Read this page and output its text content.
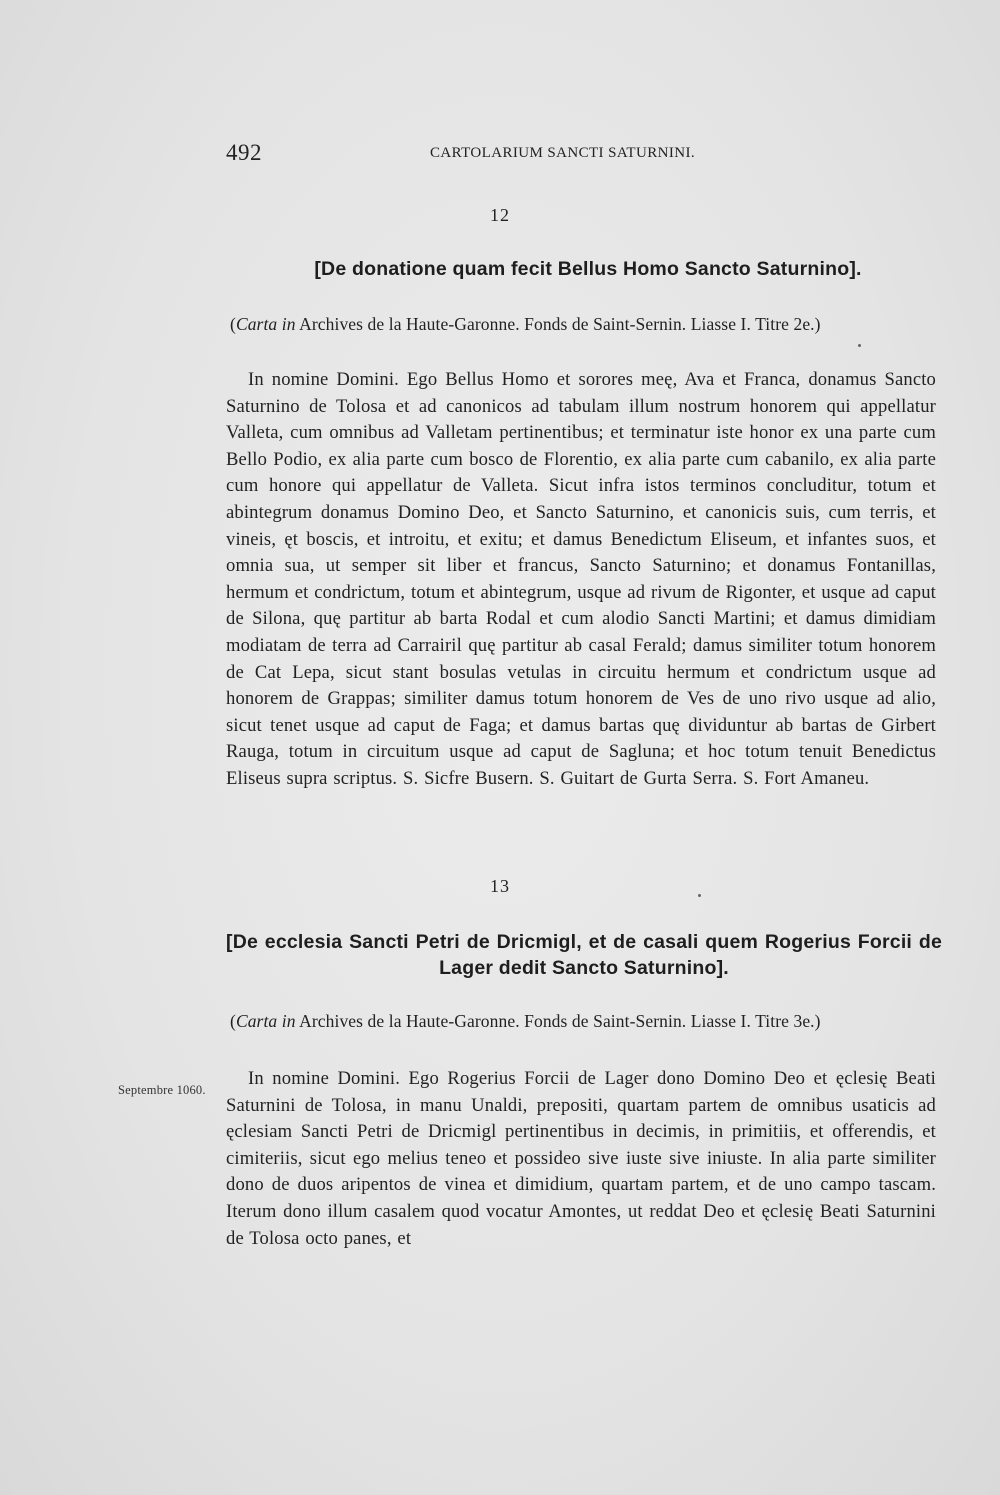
492	CARTOLARIUM SANCTI SATURNINI.
12
[De donatione quam fecit Bellus Homo Sancto Saturnino].
(Carta in Archives de la Haute-Garonne. Fonds de Saint-Sernin. Liasse I. Titre 2e.)
In nomine Domini. Ego Bellus Homo et sorores meę, Ava et Franca, donamus Sancto Saturnino de Tolosa et ad canonicos ad tabulam illum nostrum honorem qui appellatur Valleta, cum omnibus ad Valletam pertinentibus; et terminatur iste honor ex una parte cum Bello Podio, ex alia parte cum bosco de Florentio, ex alia parte cum cabanilo, ex alia parte cum honore qui appellatur de Valleta. Sicut infra istos terminos concluditur, totum et abintegrum donamus Domino Deo, et Sancto Saturnino, et canonicis suis, cum terris, et vineis, ęt boscis, et introitu, et exitu; et damus Benedictum Eliseum, et infantes suos, et omnia sua, ut semper sit liber et francus, Sancto Saturnino; et donamus Fontanillas, hermum et condrictum, totum et abintegrum, usque ad rivum de Rigonter, et usque ad caput de Silona, quę partitur ab barta Rodal et cum alodio Sancti Martini; et damus dimidiam modiatam de terra ad Carrairil quę partitur ab casal Ferald; damus similiter totum honorem de Cat Lepa, sicut stant bosulas vetulas in circuitu hermum et condrictum usque ad honorem de Grappas; similiter damus totum honorem de Ves de uno rivo usque ad alio, sicut tenet usque ad caput de Faga; et damus bartas quę dividuntur ab bartas de Girbert Rauga, totum in circuitum usque ad caput de Sagluna; et hoc totum tenuit Benedictus Eliseus supra scriptus. S. Sicfre Busern. S. Guitart de Gurta Serra. S. Fort Amaneu.
13
[De ecclesia Sancti Petri de Dricmigl, et de casali quem Rogerius Forcii de Lager dedit Sancto Saturnino].
(Carta in Archives de la Haute-Garonne. Fonds de Saint-Sernin. Liasse I. Titre 3e.)
Septembre 1060.
In nomine Domini. Ego Rogerius Forcii de Lager dono Domino Deo et ęclesię Beati Saturnini de Tolosa, in manu Unaldi, prepositi, quartam partem de omnibus usaticis ad ęclesiam Sancti Petri de Dricmigl pertinentibus in decimis, in primitiis, et offerendis, et cimiteriis, sicut ego melius teneo et possideo sive iuste sive iniuste. In alia parte similiter dono de duos aripentos de vinea et dimidium, quartam partem, et de uno campo tascam. Iterum dono illum casalem quod vocatur Amontes, ut reddat Deo et ęclesię Beati Saturnini de Tolosa octo panes, et
